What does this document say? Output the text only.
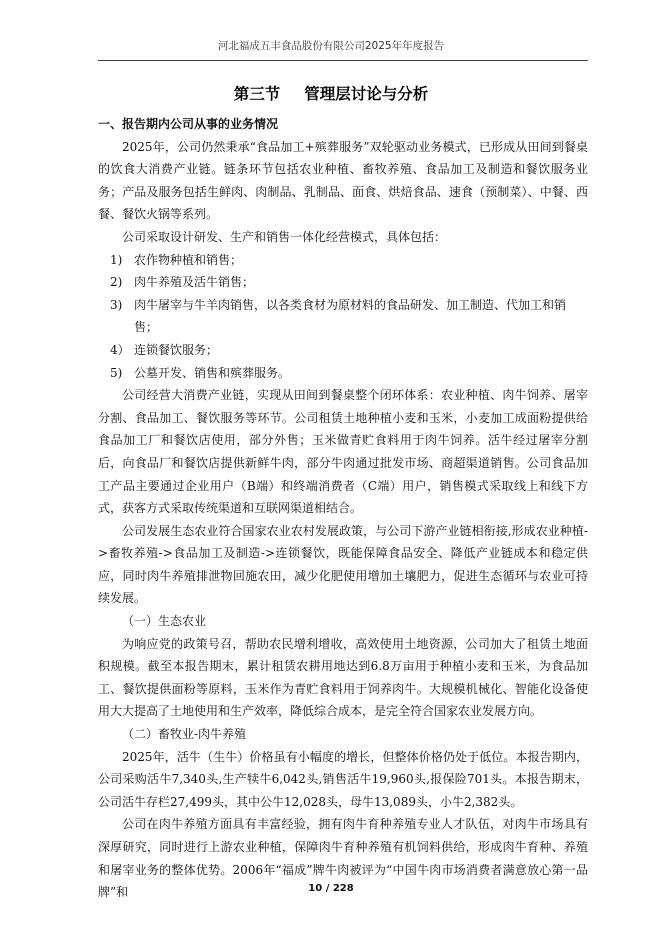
河北福成五丰食品股份有限公司2025年年度报告
第三节 管理层讨论与分析

一、报告期内公司从事的业务情况

2025年，公司仍然秉承“食品加工+殡葬服务”双轮驱动业务模式，已形成从田间到餐桌的饮食大消费产业链。链条环节包括农业种植、畜牧养殖、食品加工及制造和餐饮服务业务；产品及服务包括生鲜肉、肉制品、乳制品、面食、烘焙食品、速食（预制菜）、中餐、西餐、餐饮火锅等系列。

公司采取设计研发、生产和销售一体化经营模式，具体包括：

1) 农作物种植和销售；

2) 肉牛养殖及活牛销售；

3) 肉牛屠宰与牛羊肉销售，以各类食材为原材料的食品研发、加工制造、代加工和销售；

4） 连锁餐饮服务；

5) 公墓开发、销售和殡葬服务。

公司经营大消费产业链，实现从田间到餐桌整个闭环体系：农业种植、肉牛饲养、屠宰分割、食品加工、餐饮服务等环节。公司租赁土地种植小麦和玉米，小麦加工成面粉提供给食品加工厂和餐饮店使用，部分外售；玉米做青贮食料用于肉牛饲养。活牛经过屠宰分割后，向食品厂和餐饮店提供新鲜牛肉，部分牛肉通过批发市场、商超渠道销售。公司食品加工产品主要通过企业用户（B端）和终端消费者（C端）用户，销售模式采取线上和线下方式，获客方式采取传统渠道和互联网渠道相结合。

公司发展生态农业符合国家农业农村发展政策，与公司下游产业链相衔接,形成农业种植->畜牧养殖->食品加工及制造->连锁餐饮，既能保障食品安全、降低产业链成本和稳定供应，同时肉牛养殖排泄物回施农田，减少化肥使用增加土壤肥力，促进生态循环与农业可持续发展。

（一）生态农业

为响应党的政策号召，帮助农民增利增收，高效使用土地资源，公司加大了租赁土地面积规模。截至本报告期末，累计租赁农耕用地达到6.8万亩用于种植小麦和玉米，为食品加工、餐饮提供面粉等原料，玉米作为青贮食料用于饲养肉牛。大规模机械化、智能化设备使用大大提高了土地使用和生产效率，降低综合成本，是完全符合国家农业发展方向。

（二）畜牧业-肉牛养殖

2025年，活牛（生牛）价格虽有小幅度的增长，但整体价格仍处于低位。本报告期内，公司采购活牛7,340头,生产犊牛6,042头,销售活牛19,960头,报保险701头。本报告期末，公司活牛存栏27,499头，其中公牛12,028头，母牛13,089头，小牛2,382头。

公司在肉牛养殖方面具有丰富经验，拥有肉牛育种养殖专业人才队伍，对肉牛市场具有深厚研究，同时进行上游农业种植，保障肉牛育种养殖有机饲料供给，形成肉牛育种、养殖和屠宰业务的整体优势。2006年“福成”牌牛肉被评为“中国牛肉市场消费者满意放心第一品牌”和	10 / 228
